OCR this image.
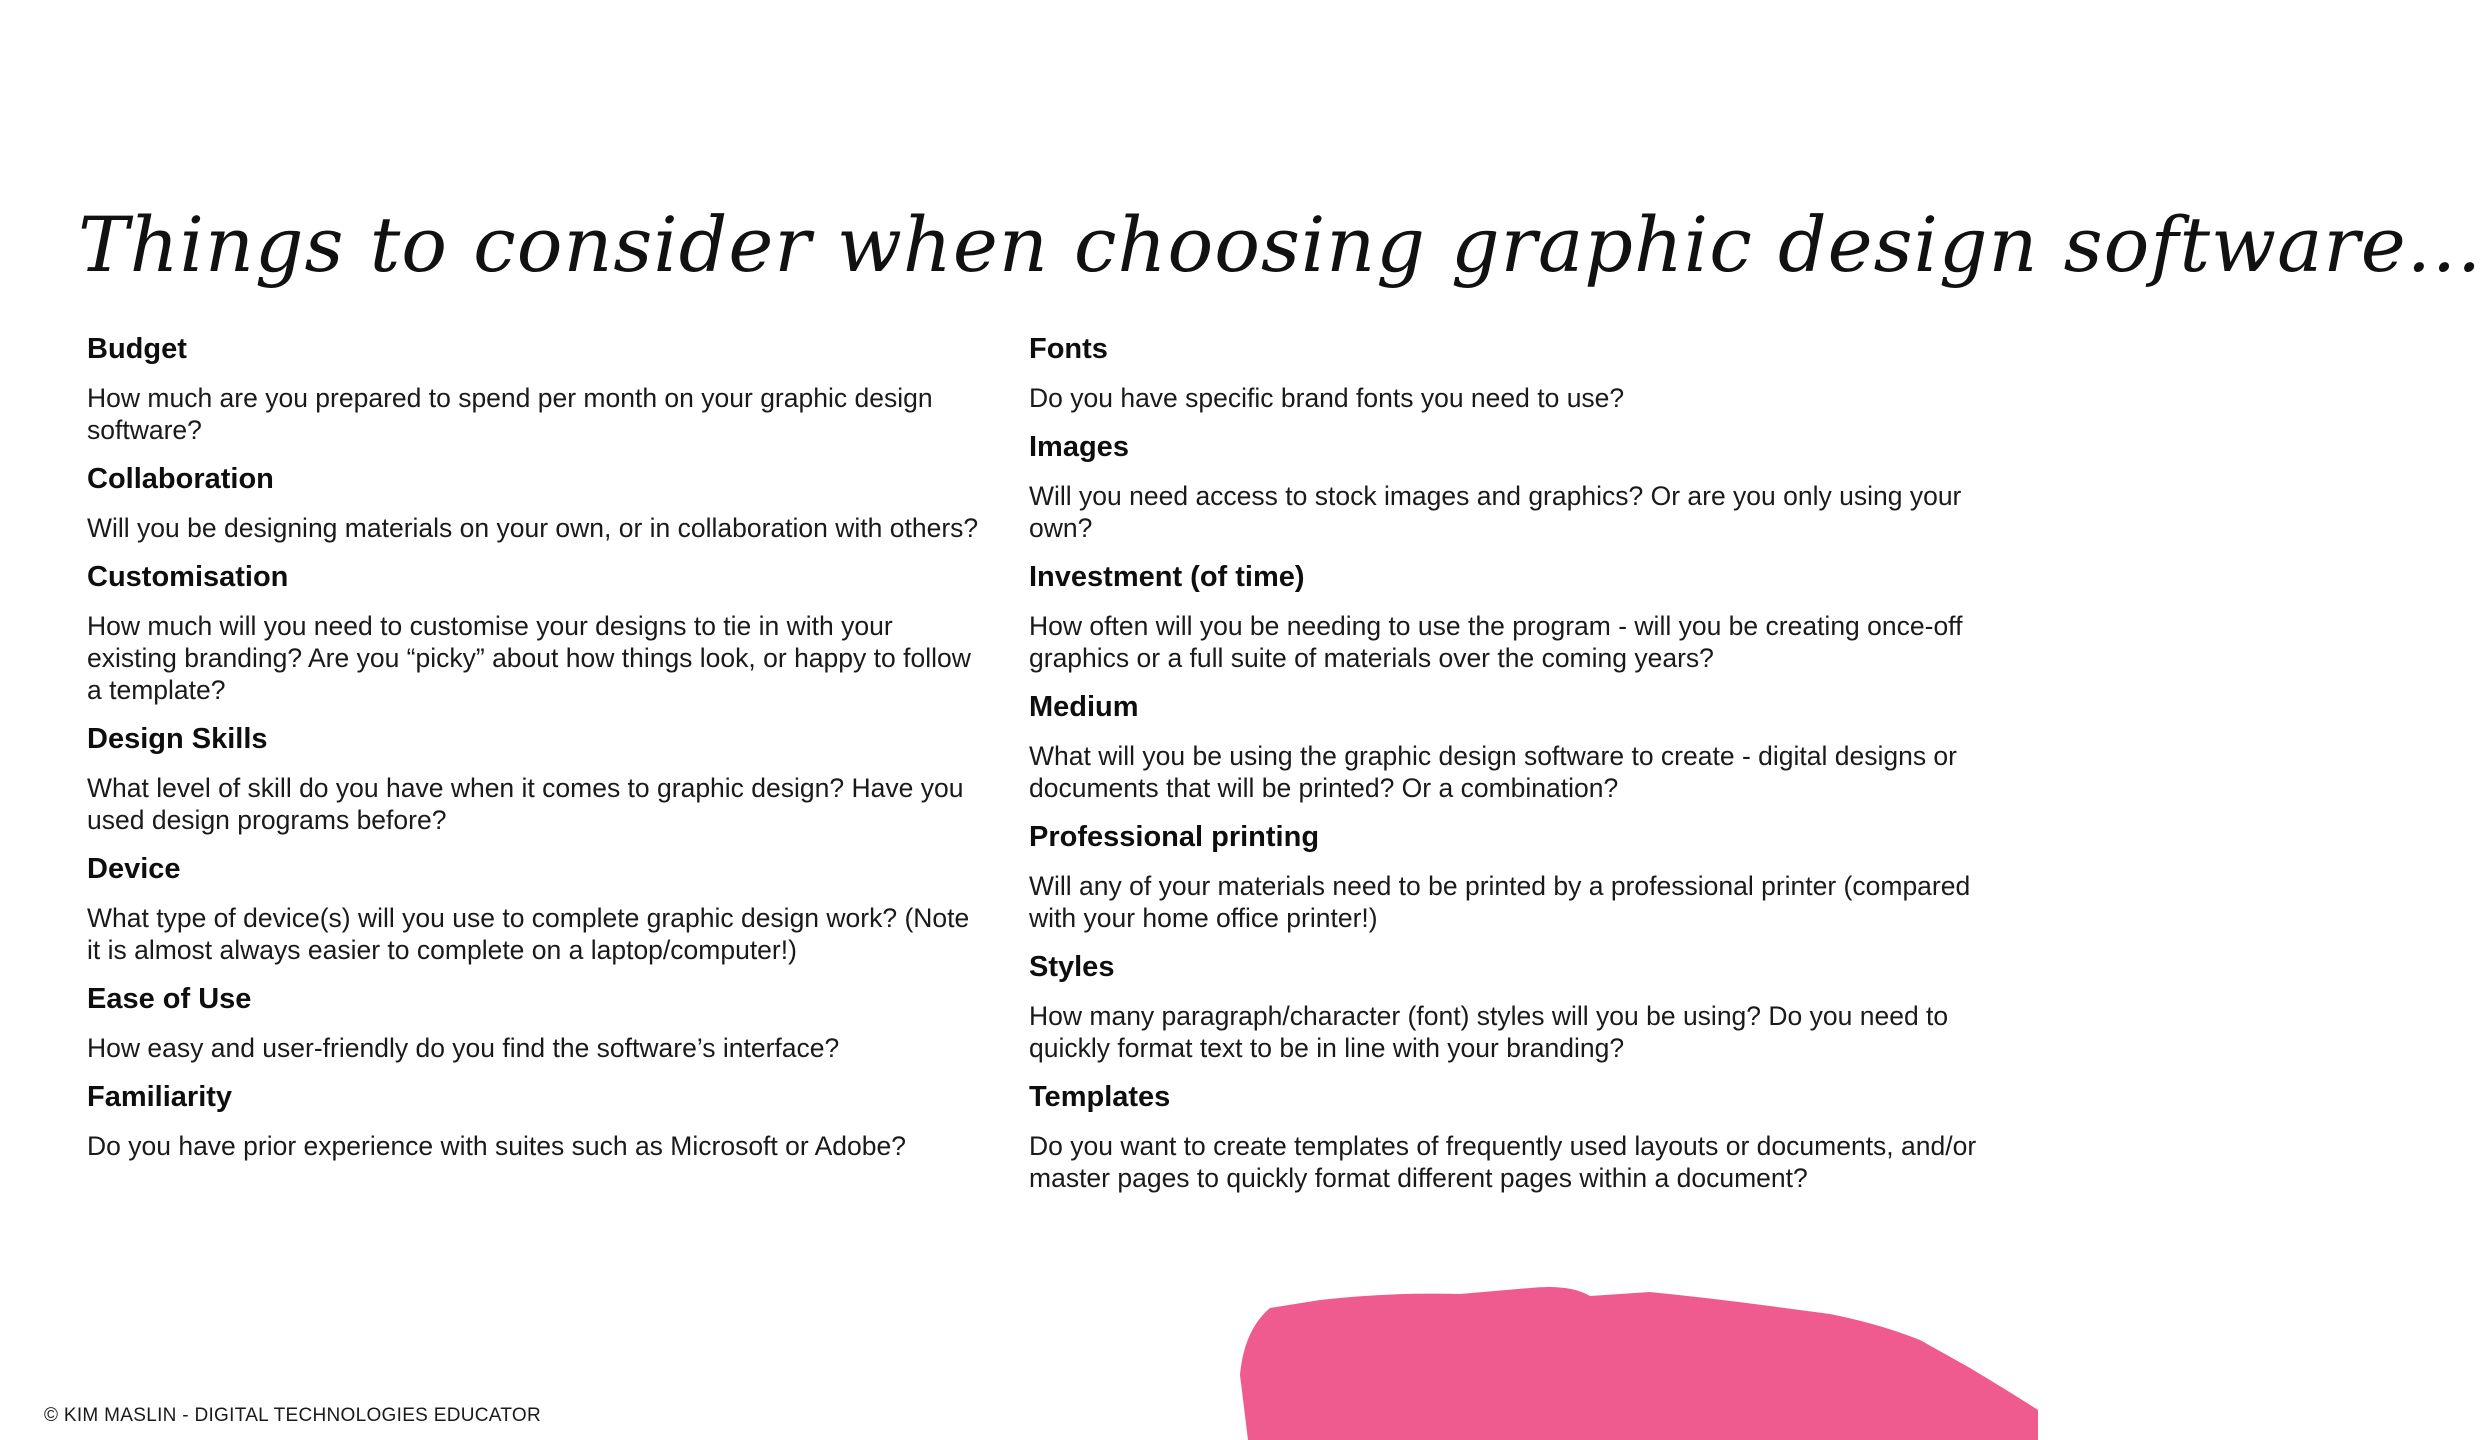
Things to consider when choosing graphic design software...
Budget
How much are you prepared to spend per month on your graphic design software?
Collaboration
Will you be designing materials on your own, or in collaboration with others?
Customisation
How much will you need to customise your designs to tie in with your existing branding? Are you “picky” about how things look, or happy to follow a template?
Design Skills
What level of skill do you have when it comes to graphic design? Have you used design programs before?
Device
What type of device(s) will you use to complete graphic design work? (Note it is almost always easier to complete on a laptop/computer!)
Ease of Use
How easy and user-friendly do you find the software’s interface?
Familiarity
Do you have prior experience with suites such as Microsoft or Adobe?
Fonts
Do you have specific brand fonts you need to use?
Images
Will you need access to stock images and graphics? Or are you only using your own?
Investment (of time)
How often will you be needing to use the program - will you be creating once-off graphics or a full suite of materials over the coming years?
Medium
What will you be using the graphic design software to create - digital designs or documents that will be printed? Or a combination?
Professional printing
Will any of your materials need to be printed by a professional printer (compared with your home office printer!)
Styles
How many paragraph/character (font) styles will you be using? Do you need to quickly format text to be in line with your branding?
Templates
Do you want to create templates of frequently used layouts or documents, and/or master pages to quickly format different pages within a document?
© KIM MASLIN - DIGITAL TECHNOLOGIES EDUCATOR
